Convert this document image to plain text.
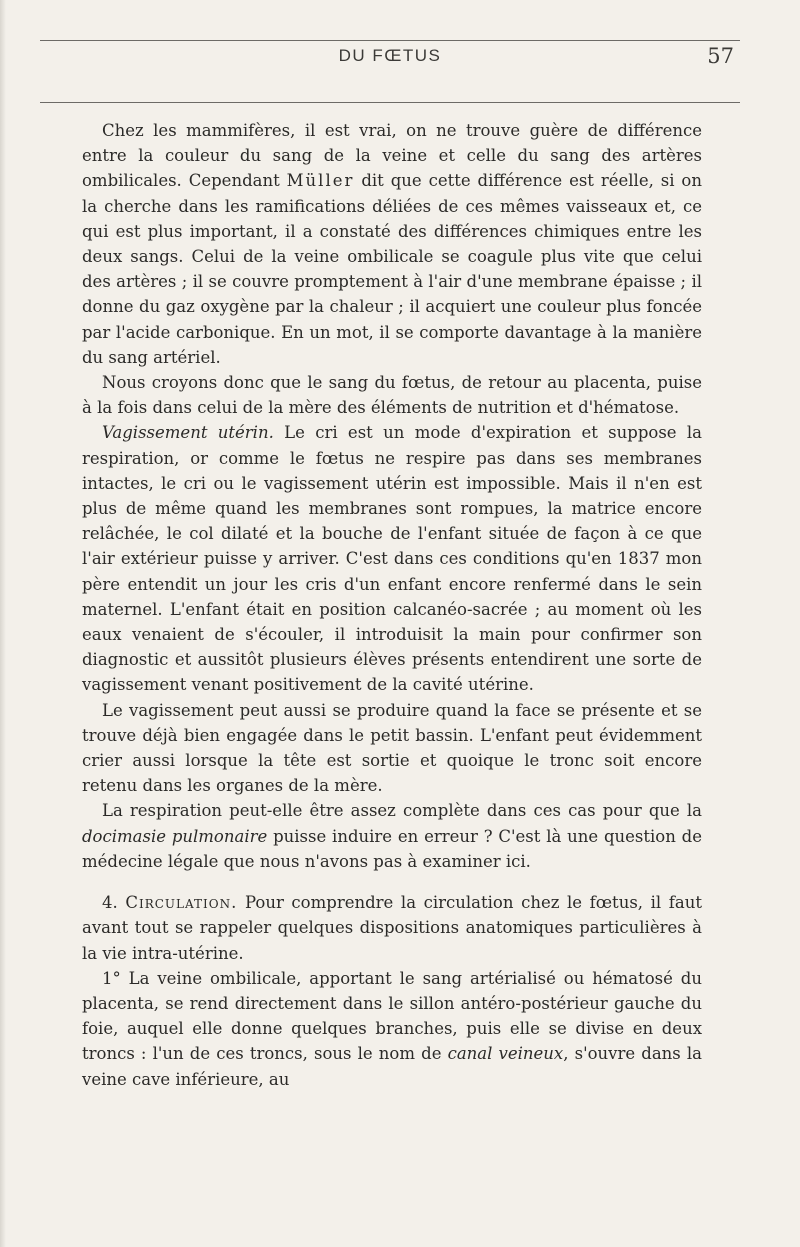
DU FŒTUS	57

Chez les mammifères, il est vrai, on ne trouve guère de différence entre la couleur du sang de la veine et celle du sang des artères ombilicales. Cependant Müller dit que cette différence est réelle, si on la cherche dans les ramifications déliées de ces mêmes vaisseaux et, ce qui est plus important, il a constaté des différences chimiques entre les deux sangs. Celui de la veine ombilicale se coagule plus vite que celui des artères ; il se couvre promptement à l'air d'une membrane épaisse ; il donne du gaz oxygène par la chaleur ; il acquiert une couleur plus foncée par l'acide carbonique. En un mot, il se comporte davantage à la manière du sang artériel.

Nous croyons donc que le sang du fœtus, de retour au placenta, puise à la fois dans celui de la mère des éléments de nutrition et d'hématose.

Vagissement utérin. Le cri est un mode d'expiration et suppose la respiration, or comme le fœtus ne respire pas dans ses membranes intactes, le cri ou le vagissement utérin est impossible. Mais il n'en est plus de même quand les membranes sont rompues, la matrice encore relâchée, le col dilaté et la bouche de l'enfant située de façon à ce que l'air extérieur puisse y arriver. C'est dans ces conditions qu'en 1837 mon père entendit un jour les cris d'un enfant encore renfermé dans le sein maternel. L'enfant était en position calcanéo-sacrée ; au moment où les eaux venaient de s'écouler, il introduisit la main pour confirmer son diagnostic et aussitôt plusieurs élèves présents entendirent une sorte de vagissement venant positivement de la cavité utérine.

Le vagissement peut aussi se produire quand la face se présente et se trouve déjà bien engagée dans le petit bassin. L'enfant peut évidemment crier aussi lorsque la tête est sortie et quoique le tronc soit encore retenu dans les organes de la mère.

La respiration peut-elle être assez complète dans ces cas pour que la docimasie pulmonaire puisse induire en erreur ? C'est là une question de médecine légale que nous n'avons pas à examiner ici.

4. Circulation. Pour comprendre la circulation chez le fœtus, il faut avant tout se rappeler quelques dispositions anatomiques particulières à la vie intra-utérine.

1° La veine ombilicale, apportant le sang artérialisé ou hématosé du placenta, se rend directement dans le sillon antéro-postérieur gauche du foie, auquel elle donne quelques branches, puis elle se divise en deux troncs : l'un de ces troncs, sous le nom de canal veineux, s'ouvre dans la veine cave inférieure, au
